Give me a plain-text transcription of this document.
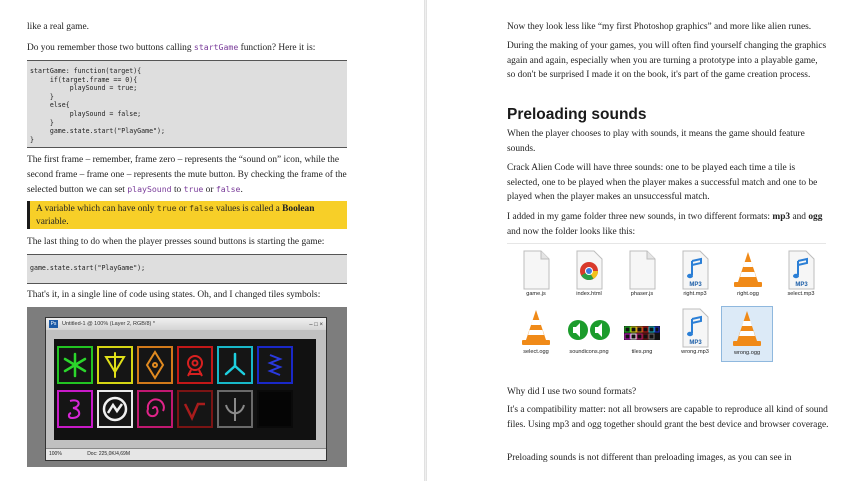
like a real game.

Do you remember those two buttons calling startGame function? Here it is:

startGame: function(target){
if(target.frame == 0){
playSound = true;
}
else{
playSound = false;
}
game.state.start("PlayGame");
}

The first frame – remember, frame zero – represents the “sound on” icon, while the second frame – frame one – represents the mute button. By checking the frame of the selected button we can set playSound to true or false.

A variable which can have only true or false values is called a Boolean variable.

The last thing to do when the player presses sound buttons is starting the game:

game.state.start("PlayGame");

That's it, in a single line of code using states. Oh, and I changed tiles symbols:

Ps Untitled-1 @ 100% (Layer 2, RGB/8) *	– □ ×
100%	Doc: 225,0K/4,69M

Now they look less like “my first Photoshop graphics” and more like alien runes.

During the making of your games, you will often find yourself changing the graphics again and again, especially when you are turning a prototype into a playable game, so don't be surprised I made it on the book, it's part of the game creation process.

Preloading sounds

When the player chooses to play with sounds, it means the game should feature sounds.

Crack Alien Code will have three sounds: one to be played each time a tile is selected, one to be played when the player makes a successful match and one to be played when the player makes an unsuccessful match.

I added in my game folder three new sounds, in two different formats: mp3 and ogg and now the folder looks like this:

game.js	index.html	phaser.js
MP3
right.mp3	right.ogg
MP3
select.mp3
select.ogg	soundicons.png	tiles.png
MP3
wrong.mp3	wrong.ogg

Why did I use two sound formats?

It's a compatibility matter: not all browsers are capable to reproduce all kind of sound files. Using mp3 and ogg together should grant the best device and browser coverage.

Preloading sounds is not different than preloading images, as you can see in
